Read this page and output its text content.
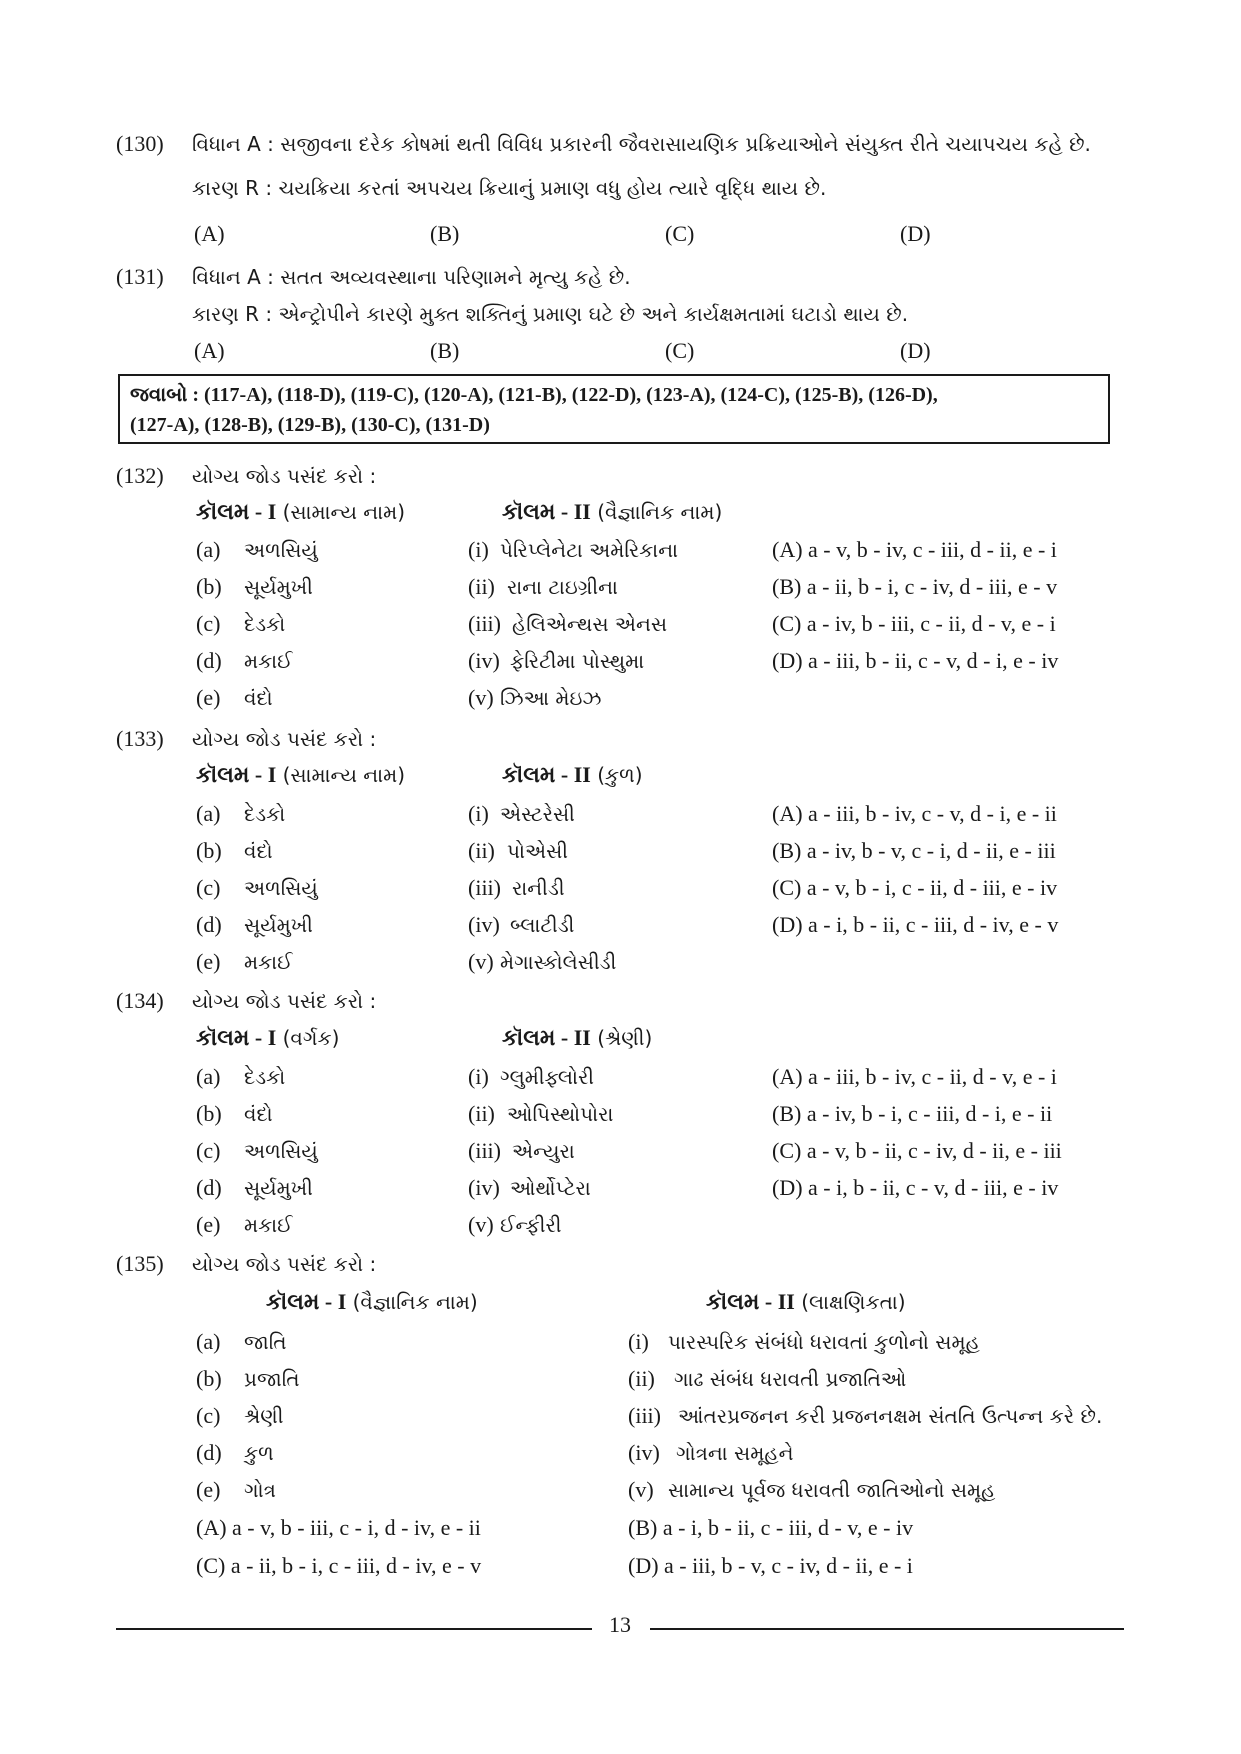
(130) વિધાન A : સજીવના દરેક કોષમાં થતી વિવિધ પ્રકારની જૈવરાસાયણિક પ્રક્રિયાઓને સંયુક્ત રીતે ચયાપચય કહે છે.
કારણ R : ચયક્રિયા કરતાં અપચય ક્રિયાનું પ્રમાણ વધુ હોય ત્યારે વૃદ્ધિ થાય છે.
(A)	(B)	(C)	(D)
(131) વિધાન A : સતત અવ્યવસ્થાના પરિણામને મૃત્યુ કહે છે.
કારણ R : એન્ટ્રોપીને કારણે મુક્ત શક્તિનું પ્રમાણ ઘટે છે અને કાર્યક્ષમતામાં ઘટાડો થાય છે.
(A)	(B)	(C)	(D)
જવાબો : (117-A), (118-D), (119-C), (120-A), (121-B), (122-D), (123-A), (124-C), (125-B), (126-D),
(127-A), (128-B), (129-B), (130-C), (131-D)
(132) યોગ્ય જોડ પસંદ કરો :
કૉલમ - I (સામાન્ય નામ)	કૉલમ - II (વૈજ્ઞાનિક નામ)
(a) અળસિયું	(i) પેરિપ્લેનેટા અમેરિકાના	(A) a - v, b - iv, c - iii, d - ii, e - i
(b) સૂર્યમુખી	(ii) રાના ટાઇગ્રીના	(B) a - ii, b - i, c - iv, d - iii, e - v
(c) દેડકો	(iii) હેલિએન્થસ એનસ	(C) a - iv, b - iii, c - ii, d - v, e - i
(d) મકાઈ	(iv) ફેરિટીમા પોસ્થુમા	(D) a - iii, b - ii, c - v, d - i, e - iv
(e) વંદો	(v) ઝિઆ મેઇઝ
(133) યોગ્ય જોડ પસંદ કરો :
કૉલમ - I (સામાન્ય નામ)	કૉલમ - II (કુળ)
(a) દેડકો	(i) એસ્ટરેસી	(A) a - iii, b - iv, c - v, d - i, e - ii
(b) વંદો	(ii) પોએસી	(B) a - iv, b - v, c - i, d - ii, e - iii
(c) અળસિયું	(iii) રાનીડી	(C) a - v, b - i, c - ii, d - iii, e - iv
(d) સૂર્યમુખી	(iv) બ્લાટીડી	(D) a - i, b - ii, c - iii, d - iv, e - v
(e) મકાઈ	(v) મેગાસ્કોલેસીડી
(134) યોગ્ય જોડ પસંદ કરો :
કૉલમ - I (વર્ગક)	કૉલમ - II (શ્રેણી)
(a) દેડકો	(i) ગ્લુમીફ્લોરી	(A) a - iii, b - iv, c - ii, d - v, e - i
(b) વંદો	(ii) ઓપિસ્થોપોરા	(B) a - iv, b - i, c - iii, d - i, e - ii
(c) અળસિયું	(iii) એન્યુરા	(C) a - v, b - ii, c - iv, d - ii, e - iii
(d) સૂર્યમુખી	(iv) ઓર્થોપ્ટેરા	(D) a - i, b - ii, c - v, d - iii, e - iv
(e) મકાઈ	(v) ઈન્ફીરી
(135) યોગ્ય જોડ પસંદ કરો :
કૉલમ - I (વૈજ્ઞાનિક નામ)	કૉલમ - II (લાક્ષણિકતા)
(a) જાતિ	(i) પારસ્પરિક સંબંધો ધરાવતાં કુળોનો સમૂહ
(b) પ્રજાતિ	(ii) ગાઢ સંબંધ ધરાવતી પ્રજાતિઓ
(c) શ્રેણી	(iii) આંતરપ્રજનન કરી પ્રજનનક્ષમ સંતતિ ઉત્પન્ન કરે છે.
(d) કુળ	(iv) ગોત્રના સમૂહને
(e) ગોત્ર	(v) સામાન્ય પૂર્વજ ધરાવતી જાતિઓનો સમૂહ
(A) a - v, b - iii, c - i, d - iv, e - ii	(B) a - i, b - ii, c - iii, d - v, e - iv
(C) a - ii, b - i, c - iii, d - iv, e - v	(D) a - iii, b - v, c - iv, d - ii, e - i
13
